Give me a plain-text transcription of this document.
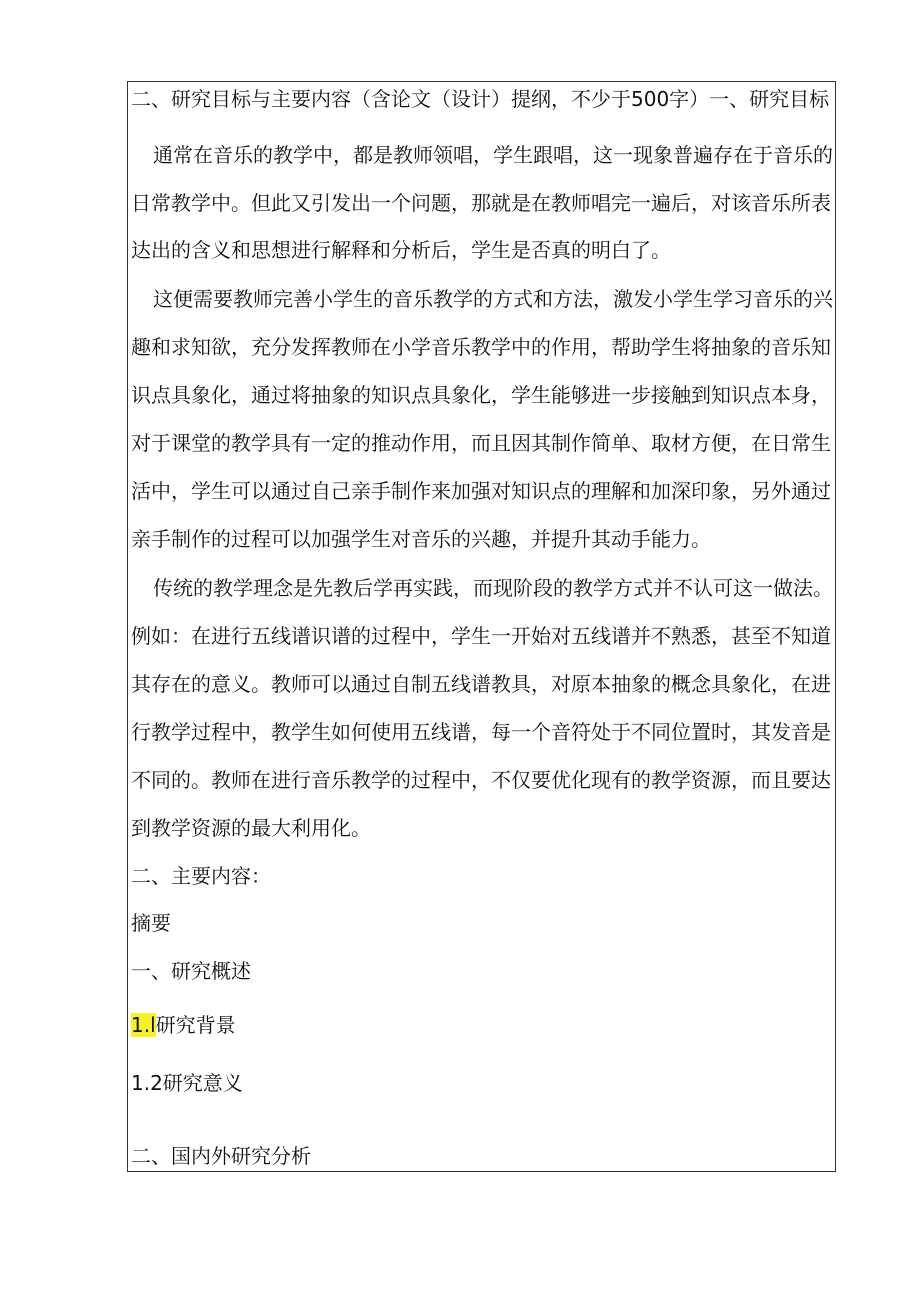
二、研究目标与主要内容（含论文（设计）提纲，不少于500字）一、研究目标
通常在音乐的教学中，都是教师领唱，学生跟唱，这一现象普遍存在于音乐的
日常教学中。但此又引发出一个问题，那就是在教师唱完一遍后，对该音乐所表
达出的含义和思想进行解释和分析后，学生是否真的明白了。
这便需要教师完善小学生的音乐教学的方式和方法，激发小学生学习音乐的兴
趣和求知欲，充分发挥教师在小学音乐教学中的作用，帮助学生将抽象的音乐知
识点具象化，通过将抽象的知识点具象化，学生能够进一步接触到知识点本身，
对于课堂的教学具有一定的推动作用，而且因其制作简单、取材方便，在日常生
活中，学生可以通过自己亲手制作来加强对知识点的理解和加深印象，另外通过
亲手制作的过程可以加强学生对音乐的兴趣，并提升其动手能力。
传统的教学理念是先教后学再实践，而现阶段的教学方式并不认可这一做法。
例如：在进行五线谱识谱的过程中，学生一开始对五线谱并不熟悉，甚至不知道
其存在的意义。教师可以通过自制五线谱教具，对原本抽象的概念具象化，在进
行教学过程中，教学生如何使用五线谱，每一个音符处于不同位置时，其发音是
不同的。教师在进行音乐教学的过程中，不仅要优化现有的教学资源，而且要达
到教学资源的最大利用化。
二、主要内容：
摘要
一、研究概述
1.l研究背景
1.2研究意义
二、国内外研究分析
